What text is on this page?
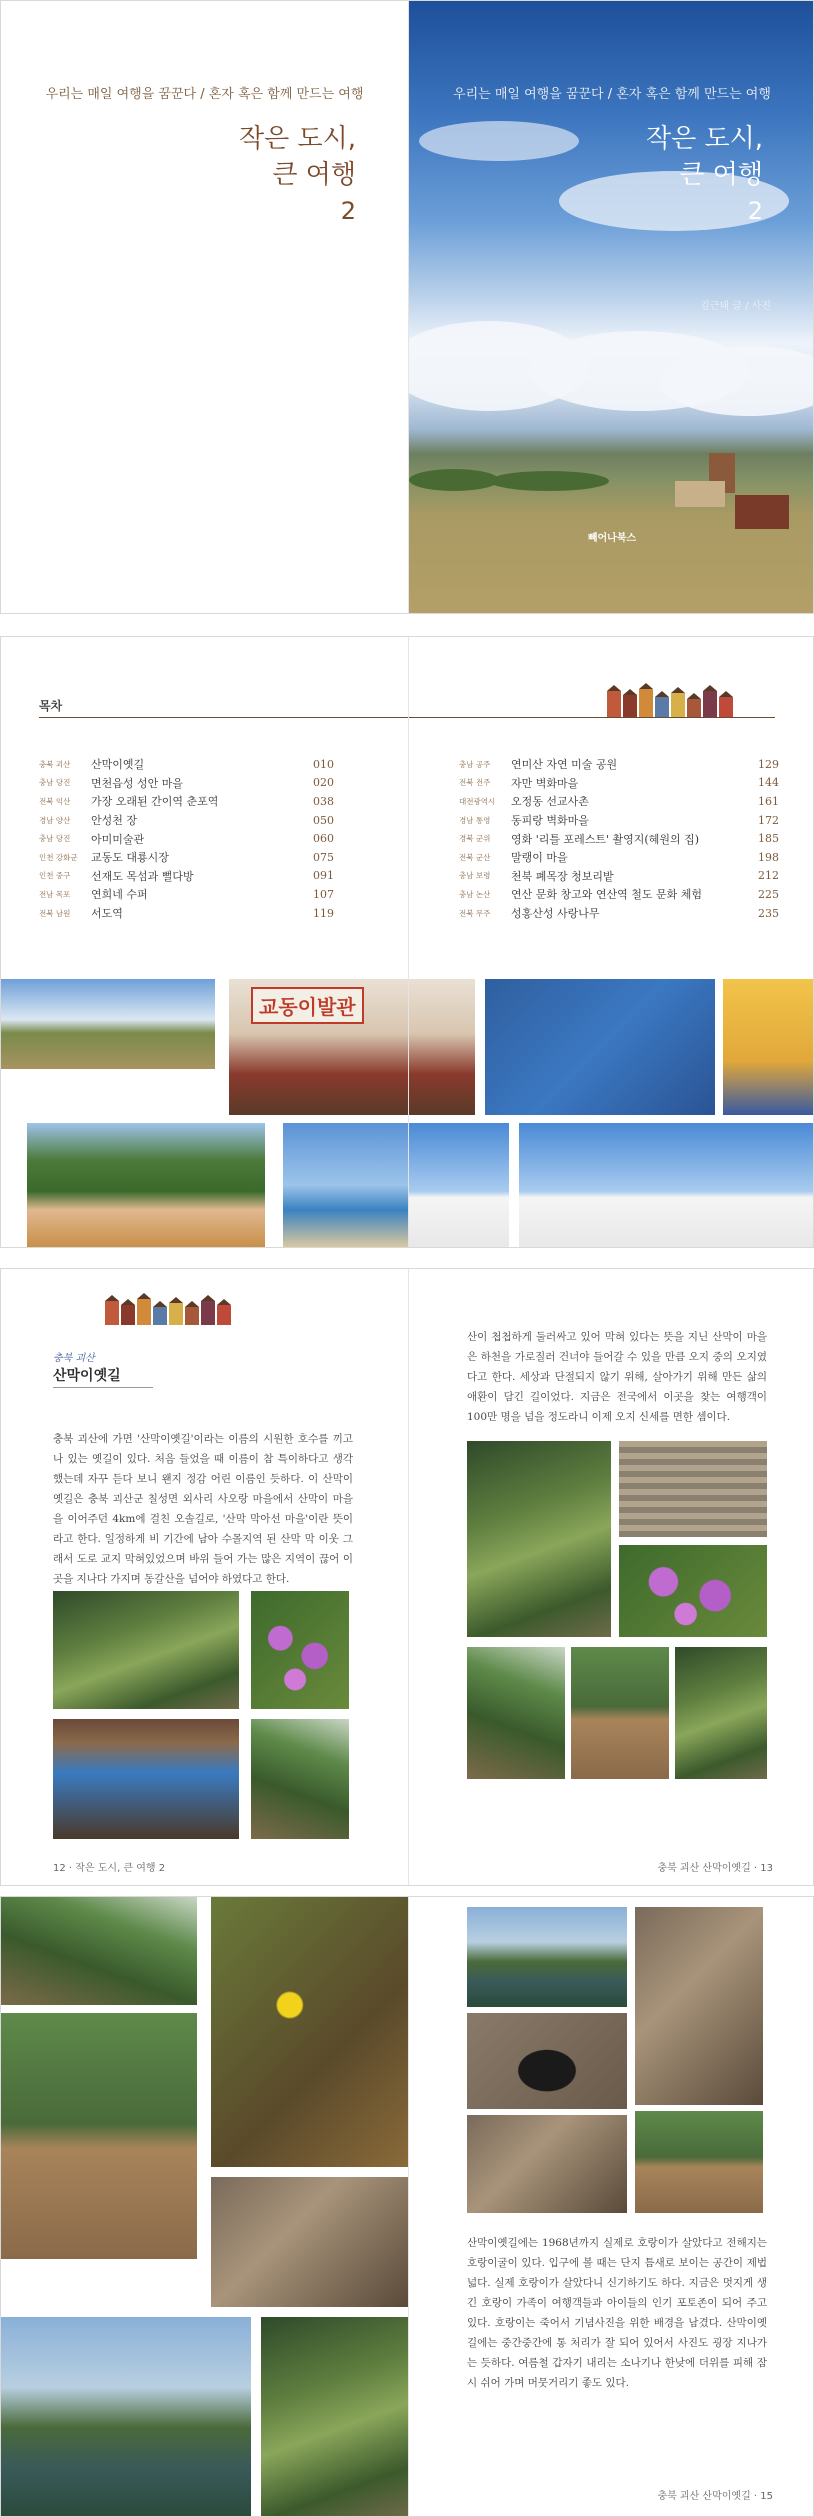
우리는 매일 여행을 꿈꾼다 / 혼자 혹은 함께 만드는 여행
작은 도시,
큰 여행
2
우리는 매일 여행을 꿈꾼다 / 혼자 혹은 함께 만드는 여행
작은 도시,
큰 여행
2
김근태 글 / 사진
빼어나북스
목차
충북 괴산	산막이옛길	010
충남 당진	면천읍성 성안 마을	020
전북 익산	가장 오래된 간이역 춘포역	038
경남 양산	안성천 장	050
충남 당진	아미미술관	060
인천 강화군	교동도 대룡시장	075
인천 중구	선재도 목섬과 뻘다방	091
전남 목포	연희네 수퍼	107
전북 남원	서도역	119
교동이발관
충남 공주	연미산 자연 미술 공원	129
전북 전주	자만 벽화마을	144
대전광역시	오정동 선교사촌	161
경남 통영	동피랑 벽화마을	172
경북 군위	영화 '리틀 포레스트' 촬영지(혜원의 집)	185
전북 군산	말랭이 마을	198
충남 보령	천북 폐목장 청보리밭	212
충남 논산	연산 문화 창고와 연산역 철도 문화 체험	225
전북 무주	성홍산성 사랑나무	235
충북 괴산
산막이옛길

충북 괴산에 가면 '산막이옛길'이라는 이름의 시원한 호수를 끼고 나 있는 옛길이 있다. 처음 들었을 때 이름이 참 특이하다고 생각했는데 자꾸 듣다 보니 왠지 정감 어린 이름인 듯하다. 이 산막이옛길은 충북 괴산군 칠성면 외사리 사오랑 마을에서 산막이 마을을 이어주던 4km에 걸친 오솔길로, '산막 막아선 마을'이란 뜻이라고 한다. 일정하게 비 기간에 남아 수몰지역 된 산막 막 이웃 그래서 도로 교지 막혀있었으며 바위 들어 가는 많은 지역이 끊어 이곳을 지나다 가지며 동갈산을 넘어야 하였다고 한다.

12 · 작은 도시, 큰 여행 2

산이 첩첩하게 둘러싸고 있어 막혀 있다는 뜻을 지닌 산막이 마을은 하천을 가로질러 건너야 들어갈 수 있을 만큼 오지 중의 오지였다고 한다. 세상과 단절되지 않기 위해, 살아가기 위해 만든 삶의 애환이 담긴 길이었다. 지금은 전국에서 이곳을 찾는 여행객이 100만 명을 넘을 정도라니 이제 오지 신세를 면한 셈이다.

충북 괴산 산막이옛길 · 13

산막이옛길에는 1968년까지 실제로 호랑이가 살았다고 전해지는 호랑이굴이 있다. 입구에 볼 때는 단지 틈새로 보이는 공간이 제법 넓다. 실제 호랑이가 살았다니 신기하기도 하다. 지금은 멋지게 생긴 호랑이 가족이 여행객들과 아이들의 인기 포토존이 되어 주고 있다. 호랑이는 죽어서 기념사진을 위한 배경을 남겼다. 산막이옛길에는 중간중간에 통 처리가 잘 되어 있어서 사진도 굉장 지나가는 듯하다. 여름철 갑자기 내리는 소나기나 한낮에 더위를 피해 잠시 쉬어 가며 머뭇거리기 좋도 있다.

충북 괴산 산막이옛길 · 15
